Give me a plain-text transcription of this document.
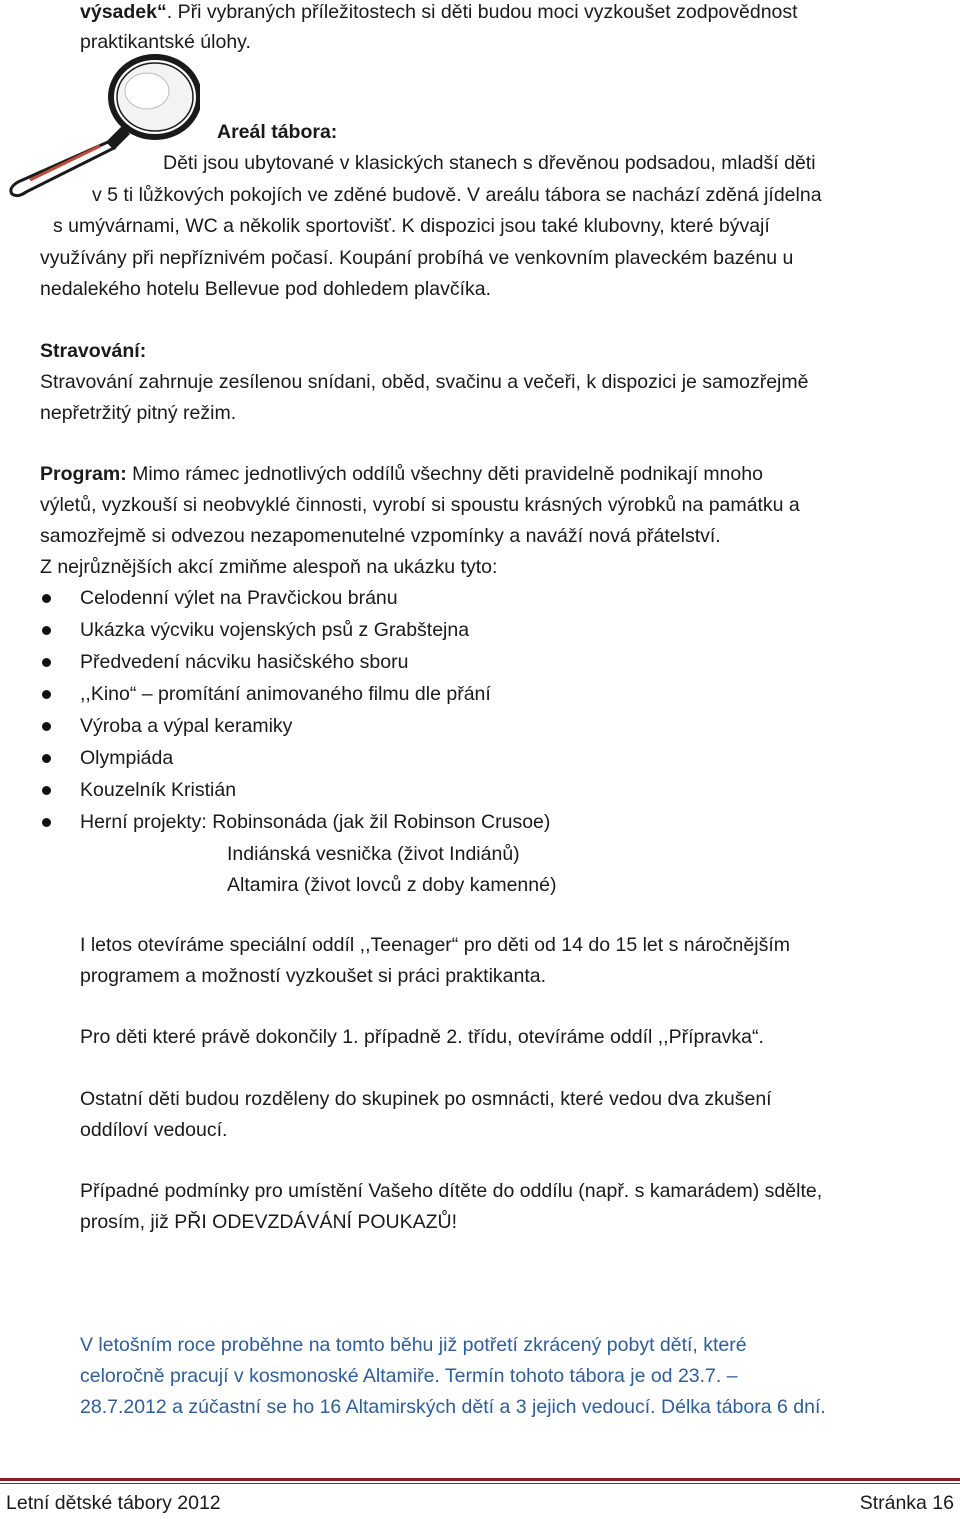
výsadek“. Při vybraných příležitostech si děti budou moci vyzkoušet zodpovědnost
praktikantské úlohy.
Areál tábora:
Děti jsou ubytované v klasických stanech s dřevěnou podsadou, mladší děti
v 5 ti lůžkových pokojích ve zděné budově. V areálu tábora se nachází zděná jídelna
s umývárnami, WC a několik sportovišť. K dispozici jsou také klubovny, které bývají
využívány při nepříznivém počasí. Koupání probíhá ve venkovním plaveckém bazénu u
nedalekého hotelu Bellevue pod dohledem plavčíka.
Stravování:
Stravování zahrnuje zesílenou snídani, oběd, svačinu a večeři, k dispozici je samozřejmě
nepřetržitý pitný režim.
Program: Mimo rámec jednotlivých oddílů všechny děti pravidelně podnikají mnoho
výletů, vyzkouší si neobvyklé činnosti, vyrobí si spoustu krásných výrobků na památku a
samozřejmě si odvezou nezapomenutelné vzpomínky a naváží nová přátelství.
Z nejrůznějších akcí zmiňme alespoň na ukázku tyto:
Celodenní výlet na Pravčickou bránu
Ukázka výcviku vojenských psů z Grabštejna
Předvedení nácviku hasičského sboru
,,Kino“ – promítání animovaného filmu dle přání
Výroba a výpal keramiky
Olympiáda
Kouzelník Kristián
Herní projekty: Robinsonáda (jak žil Robinson Crusoe)
Indiánská vesnička (život Indiánů)
Altamira (život lovců z doby kamenné)
I letos otevíráme speciální oddíl ,,Teenager“ pro děti od 14 do 15 let s náročnějším
programem a možností vyzkoušet si práci praktikanta.
Pro děti které právě dokončily 1. případně 2. třídu, otevíráme oddíl ,,Přípravka“.
Ostatní děti budou rozděleny do skupinek po osmnácti, které vedou dva zkušení
oddíloví vedoucí.
Případné podmínky pro umístění Vašeho dítěte do oddílu (např. s kamarádem) sdělte,
prosím, již PŘI ODEVZDÁVÁNÍ POUKAZŮ!
V letošním roce proběhne na tomto běhu již potřetí zkrácený pobyt dětí, které
celoročně pracují v kosmonoské Altamiře. Termín tohoto tábora je od 23.7. –
28.7.2012 a zúčastní se ho 16 Altamirských dětí a 3 jejich vedoucí. Délka tábora 6 dní.
Letní dětské tábory 2012	Stránka 16
